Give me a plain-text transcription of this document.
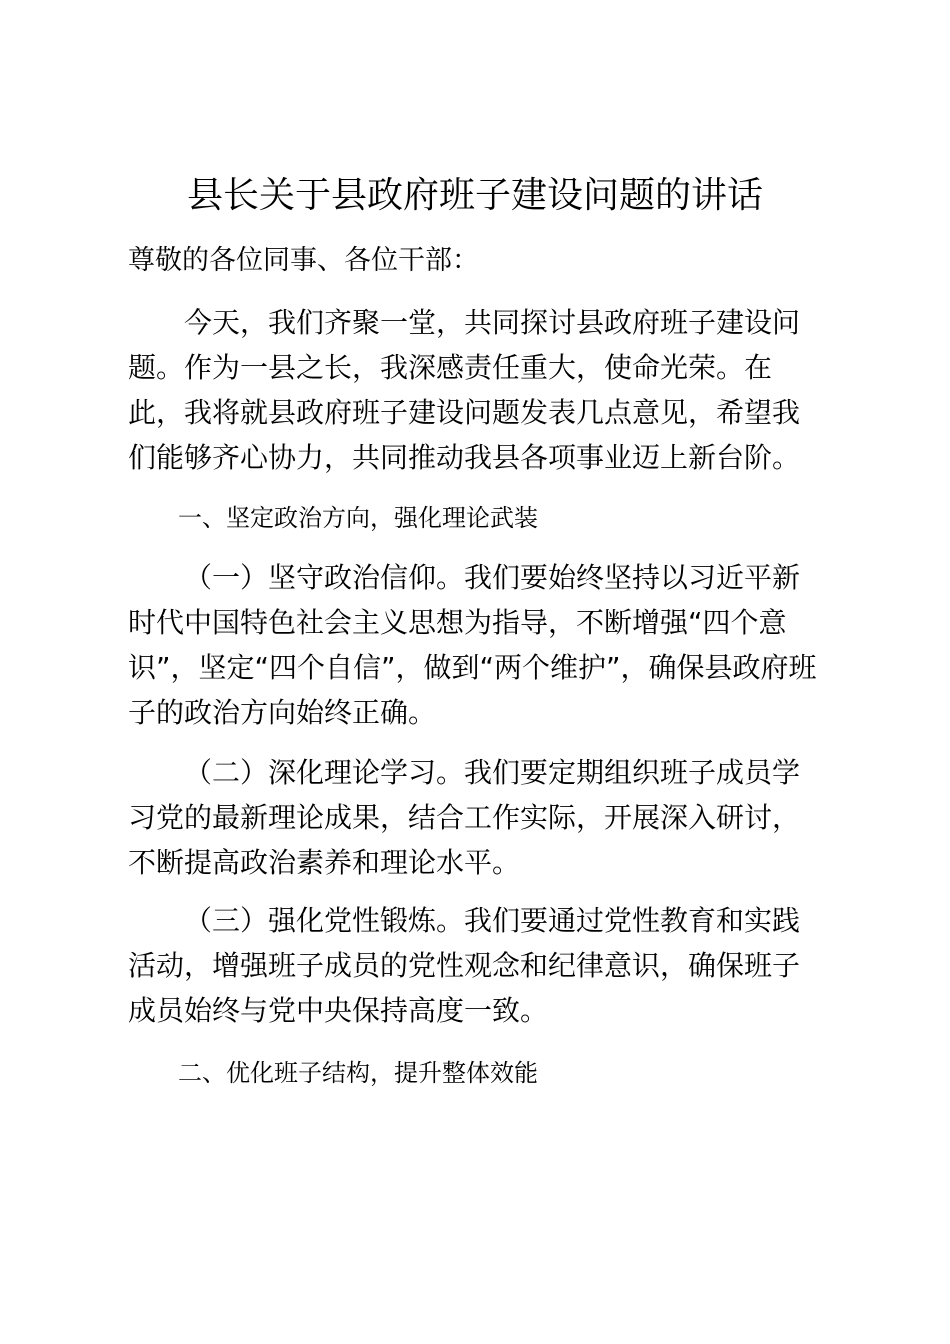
县长关于县政府班子建设问题的讲话
尊敬的各位同事、各位干部：
　今天，我们齐聚一堂，共同探讨县政府班子建设问
题。作为一县之长，我深感责任重大，使命光荣。在
此，我将就县政府班子建设问题发表几点意见，希望我
们能够齐心协力，共同推动我县各项事业迈上新台阶。
一、坚定政治方向，强化理论武装
（一）坚守政治信仰。我们要始终坚持以习近平新
时代中国特色社会主义思想为指导，不断增强“四个意
识”，坚定“四个自信”，做到“两个维护”，确保县政府班
子的政治方向始终正确。
（二）深化理论学习。我们要定期组织班子成员学
习党的最新理论成果，结合工作实际，开展深入研讨，
不断提高政治素养和理论水平。
（三）强化党性锻炼。我们要通过党性教育和实践
活动，增强班子成员的党性观念和纪律意识，确保班子
成员始终与党中央保持高度一致。
二、优化班子结构，提升整体效能
